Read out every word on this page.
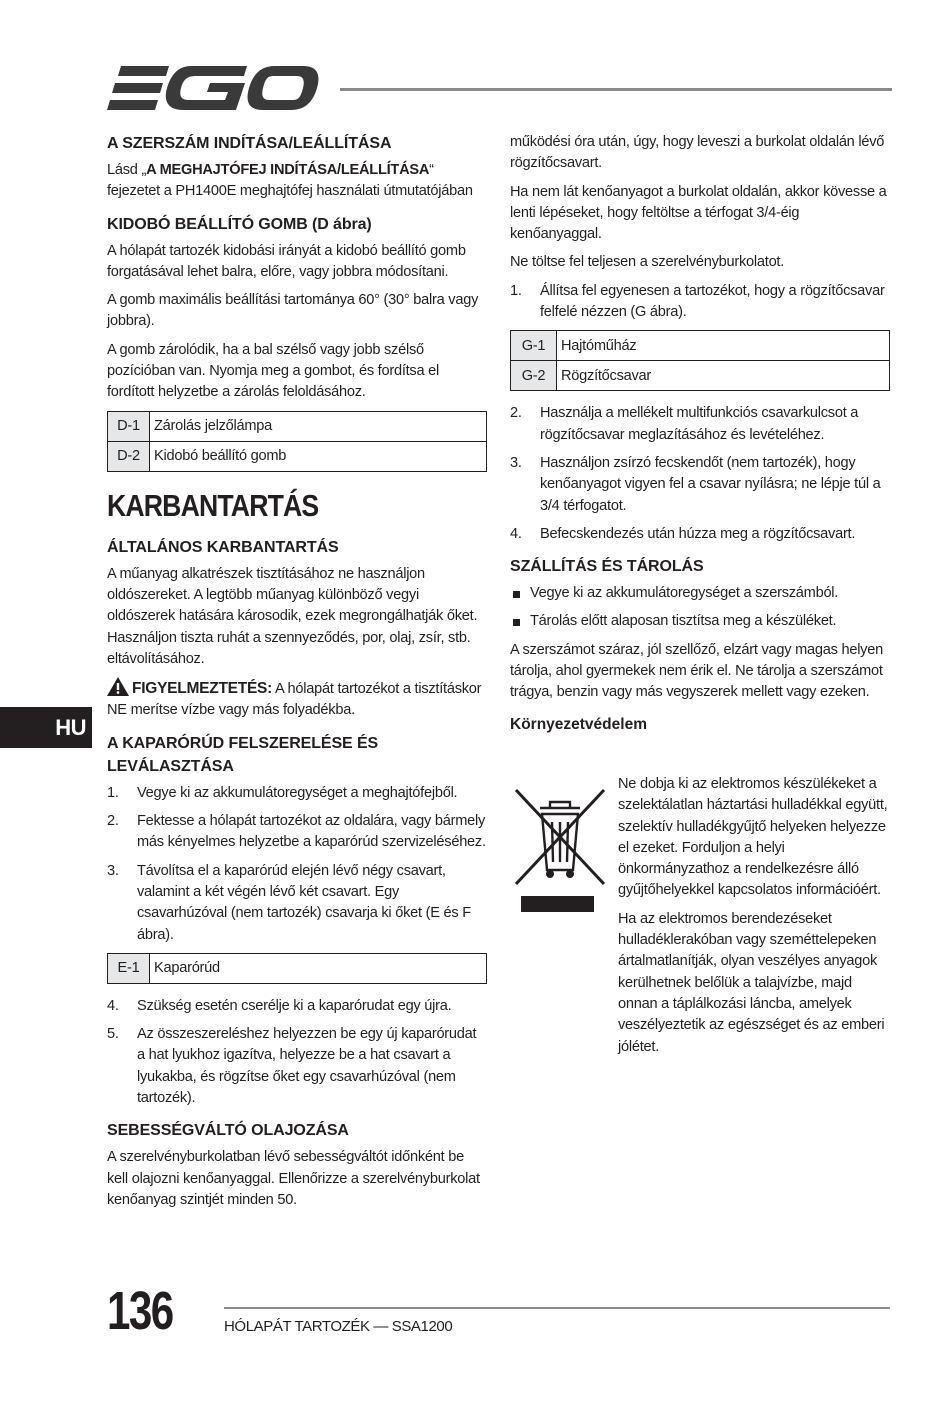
HU
A SZERSZÁM INDÍTÁSA/LEÁLLÍTÁSA

Lásd „A MEGHAJTÓFEJ INDÍTÁSA/LEÁLLÍTÁSA“ fejezetet a PH1400E meghajtófej használati útmutatójában

KIDOBÓ BEÁLLÍTÓ GOMB (D ábra)

A hólapát tartozék kidobási irányát a kidobó beállító gomb forgatásával lehet balra, előre, vagy jobbra módosítani.

A gomb maximális beállítási tartománya 60° (30° balra vagy jobbra).

A gomb zárolódik, ha a bal szélső vagy jobb szélső pozícióban van. Nyomja meg a gombot, és fordítsa el fordított helyzetbe a zárolás feloldásához.

D-1	Zárolás jelzőlámpa
D-2	Kidobó beállító gomb
KARBANTARTÁS
ÁLTALÁNOS KARBANTARTÁS

A műanyag alkatrészek tisztításához ne használjon oldószereket. A legtöbb műanyag különböző vegyi oldószerek hatására károsodik, ezek megrongálhatják őket. Használjon tiszta ruhát a szennyeződés, por, olaj, zsír, stb. eltávolításához.

FIGYELMEZTETÉS: A hólapát tartozékot a tisztításkor NE merítse vízbe vagy más folyadékba.

A KAPARÓRÚD FELSZERELÉSE ÉS LEVÁLASZTÁSA
1. Vegye ki az akkumulátoregységet a meghajtófejből.
2. Fektesse a hólapát tartozékot az oldalára, vagy bármely más kényelmes helyzetbe a kaparórúd szervizeléséhez.
3. Távolítsa el a kaparórúd elején lévő négy csavart, valamint a két végén lévő két csavart. Egy csavarhúzóval (nem tartozék) csavarja ki őket (E és F ábra).
E-1	Kaparórúd
4. Szükség esetén cserélje ki a kaparórudat egy újra.
5. Az összeszereléshez helyezzen be egy új kaparórudat a hat lyukhoz igazítva, helyezze be a hat csavart a lyukakba, és rögzítse őket egy csavarhúzóval (nem tartozék).
SEBESSÉGVÁLTÓ OLAJOZÁSA

A szerelvényburkolatban lévő sebességváltót időnként be kell olajozni kenőanyaggal. Ellenőrizze a szerelvényburkolat kenőanyag szintjét minden 50.

működési óra után, úgy, hogy leveszi a burkolat oldalán lévő rögzítőcsavart.

Ha nem lát kenőanyagot a burkolat oldalán, akkor kövesse a lenti lépéseket, hogy feltöltse a térfogat 3/4-éig kenőanyaggal.

Ne töltse fel teljesen a szerelvényburkolatot.

1. Állítsa fel egyenesen a tartozékot, hogy a rögzítőcsavar felfelé nézzen (G ábra).
G-1	Hajtóműház
G-2	Rögzítőcsavar
2. Használja a mellékelt multifunkciós csavarkulcsot a rögzítőcsavar meglazításához és levételéhez.
3. Használjon zsírzó fecskendőt (nem tartozék), hogy kenőanyagot vigyen fel a csavar nyílásra; ne lépje túl a 3/4 térfogatot.
4. Befecskendezés után húzza meg a rögzítőcsavart.
SZÁLLÍTÁS ÉS TÁROLÁS
Vegye ki az akkumulátoregységet a szerszámból.
Tárolás előtt alaposan tisztítsa meg a készüléket.

A szerszámot száraz, jól szellőző, elzárt vagy magas helyen tárolja, ahol gyermekek nem érik el. Ne tárolja a szerszámot trágya, benzin vagy más vegyszerek mellett vagy ezeken.

Környezetvédelem

Ne dobja ki az elektromos készülékeket a szelektálatlan háztartási hulladékkal együtt, szelektív hulladékgyűjtő helyeken helyezze el ezeket. Forduljon a helyi önkormányzathoz a rendelkezésre álló gyűjtőhelyekkel kapcsolatos információért.

Ha az elektromos berendezéseket hulladéklerakóban vagy szeméttelepeken ártalmatlanítják, olyan veszélyes anyagok kerülhetnek belőlük a talajvízbe, majd onnan a táplálkozási láncba, amelyek veszélyeztetik az egészséget és az emberi jólétet.

136	HÓLAPÁT TARTOZÉK — SSA1200
